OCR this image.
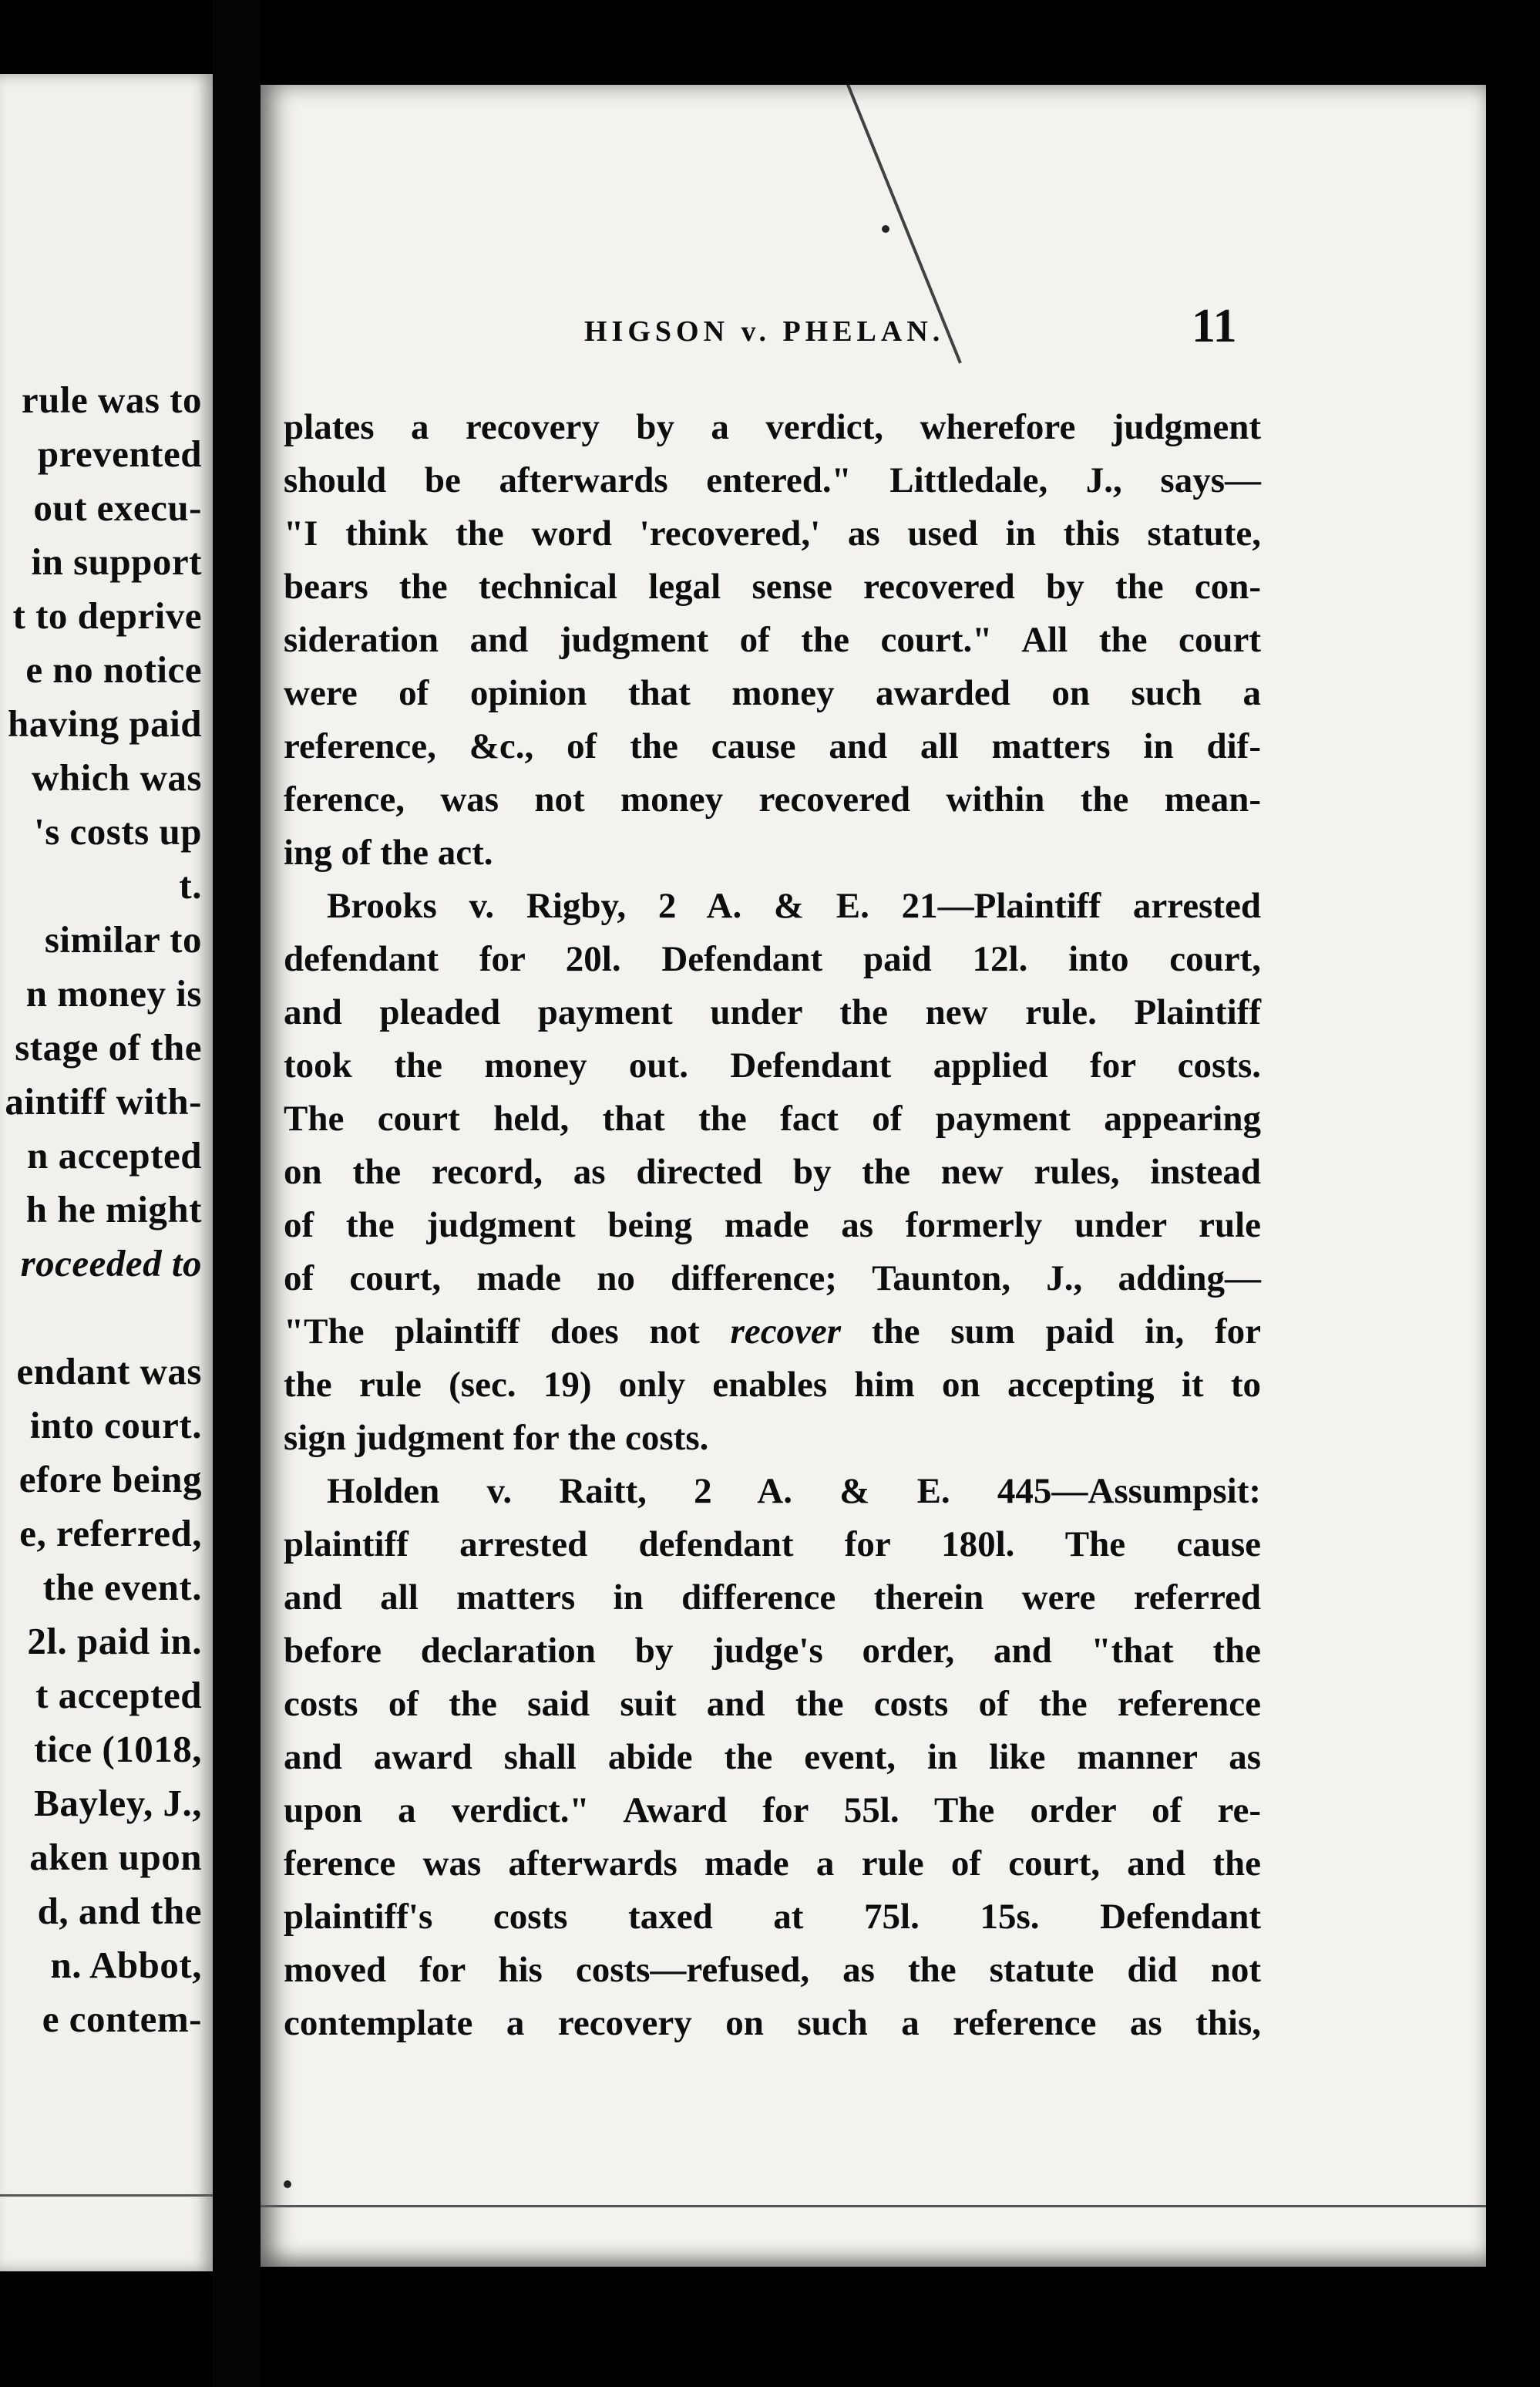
rule was to
prevented
out execu-
in support
t to deprive
e no notice
having paid
which was
's costs up
t.
similar to
n money is
stage of the
aintiff with-
n accepted
h he might
roceeded to
endant was
into court.
efore being
e, referred,
the event.
2l. paid in.
t accepted
tice (1018,
Bayley, J.,
aken upon
d, and the
n. Abbot,
e contem-
HIGSON v. PHELAN.	11
plates a recovery by a verdict, wherefore judgment
should be afterwards entered." Littledale, J., says—
"I think the word 'recovered,' as used in this statute,
bears the technical legal sense recovered by the con-
sideration and judgment of the court." All the court
were of opinion that money awarded on such a
reference, &c., of the cause and all matters in dif-
ference, was not money recovered within the mean-
ing of the act.
Brooks v. Rigby, 2 A. & E. 21—Plaintiff arrested
defendant for 20l. Defendant paid 12l. into court,
and pleaded payment under the new rule. Plaintiff
took the money out. Defendant applied for costs.
The court held, that the fact of payment appearing
on the record, as directed by the new rules, instead
of the judgment being made as formerly under rule
of court, made no difference; Taunton, J., adding—
"The plaintiff does not recover the sum paid in, for
the rule (sec. 19) only enables him on accepting it to
sign judgment for the costs.
Holden v. Raitt, 2 A. & E. 445—Assumpsit:
plaintiff arrested defendant for 180l. The cause
and all matters in difference therein were referred
before declaration by judge's order, and "that the
costs of the said suit and the costs of the reference
and award shall abide the event, in like manner as
upon a verdict." Award for 55l. The order of re-
ference was afterwards made a rule of court, and the
plaintiff's costs taxed at 75l. 15s. Defendant
moved for his costs—refused, as the statute did not
contemplate a recovery on such a reference as this,
